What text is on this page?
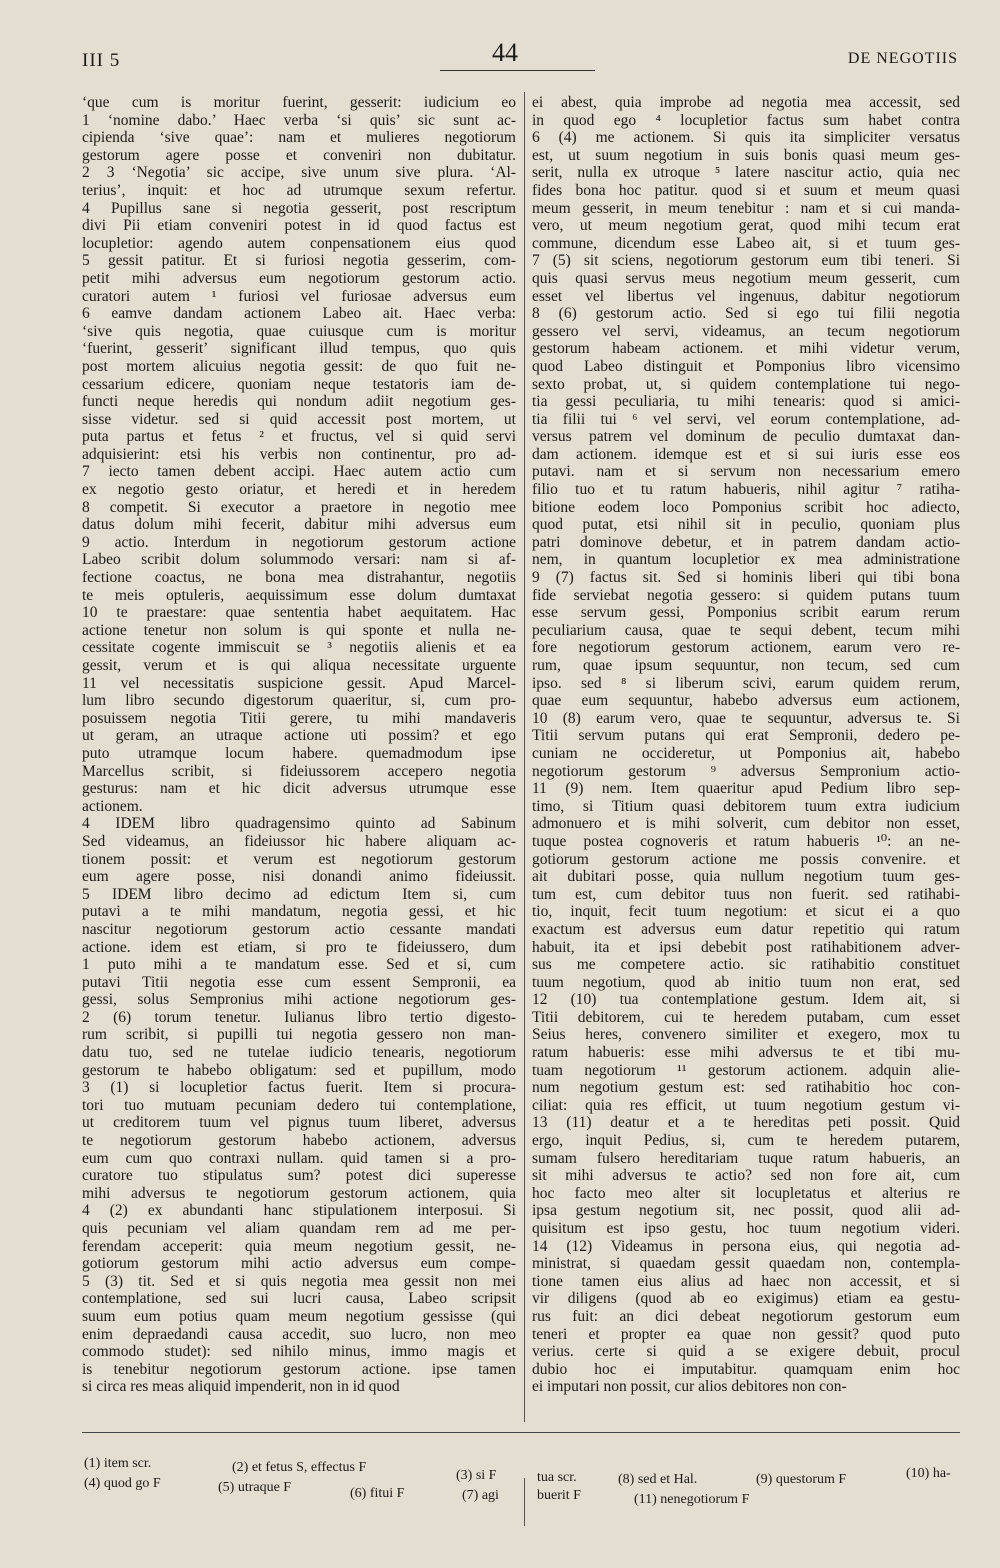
III 5	44	DE NEGOTIIS
‘que cum is moritur fuerint, gesserit: iudicium eo
1 ‘nomine dabo.’ Haec verba ‘si quis’ sic sunt ac-
cipienda ‘sive quae’: nam et mulieres negotiorum
gestorum agere posse et conveniri non dubitatur.
2 3 ‘Negotia’ sic accipe, sive unum sive plura. ‘Al-
terius’, inquit: et hoc ad utrumque sexum refertur.
4 Pupillus sane si negotia gesserit, post rescriptum
divi Pii etiam conveniri potest in id quod factus est
locupletior: agendo autem conpensationem eius quod
5 gessit patitur. Et si furiosi negotia gesserim, com-
petit mihi adversus eum negotiorum gestorum actio.
curatori autem ¹ furiosi vel furiosae adversus eum
6 eamve dandam actionem Labeo ait. Haec verba:
‘sive quis negotia, quae cuiusque cum is moritur
‘fuerint, gesserit’ significant illud tempus, quo quis
post mortem alicuius negotia gessit: de quo fuit ne-
cessarium edicere, quoniam neque testatoris iam de-
functi neque heredis qui nondum adiit negotium ges-
sisse videtur. sed si quid accessit post mortem, ut
puta partus et fetus ² et fructus, vel si quid servi
adquisierint: etsi his verbis non continentur, pro ad-
7 iecto tamen debent accipi. Haec autem actio cum
ex negotio gesto oriatur, et heredi et in heredem
8 competit. Si executor a praetore in negotio mee
datus dolum mihi fecerit, dabitur mihi adversus eum
9 actio. Interdum in negotiorum gestorum actione
Labeo scribit dolum solummodo versari: nam si af-
fectione coactus, ne bona mea distrahantur, negotiis
te meis optuleris, aequissimum esse dolum dumtaxat
10 te praestare: quae sententia habet aequitatem. Hac
actione tenetur non solum is qui sponte et nulla ne-
cessitate cogente immiscuit se ³ negotiis alienis et ea
gessit, verum et is qui aliqua necessitate urguente
11 vel necessitatis suspicione gessit. Apud Marcel-
lum libro secundo digestorum quaeritur, si, cum pro-
posuissem negotia Titii gerere, tu mihi mandaveris
ut geram, an utraque actione uti possim? et ego
puto utramque locum habere. quemadmodum ipse
Marcellus scribit, si fideiussorem accepero negotia
gesturus: nam et hic dicit adversus utrumque esse
actionem.
4 IDEM libro quadragensimo quinto ad Sabinum
Sed videamus, an fideiussor hic habere aliquam ac-
tionem possit: et verum est negotiorum gestorum
eum agere posse, nisi donandi animo fideiussit.
5 IDEM libro decimo ad edictum Item si, cum
putavi a te mihi mandatum, negotia gessi, et hic
nascitur negotiorum gestorum actio cessante mandati
actione. idem est etiam, si pro te fideiussero, dum
1 puto mihi a te mandatum esse. Sed et si, cum
putavi Titii negotia esse cum essent Sempronii, ea
gessi, solus Sempronius mihi actione negotiorum ges-
2 (6) torum tenetur. Iulianus libro tertio digesto-
rum scribit, si pupilli tui negotia gessero non man-
datu tuo, sed ne tutelae iudicio tenearis, negotiorum
gestorum te habebo obligatum: sed et pupillum, modo
3 (1) si locupletior factus fuerit. Item si procura-
tori tuo mutuam pecuniam dedero tui contemplatione,
ut creditorem tuum vel pignus tuum liberet, adversus
te negotiorum gestorum habebo actionem, adversus
eum cum quo contraxi nullam. quid tamen si a pro-
curatore tuo stipulatus sum? potest dici superesse
mihi adversus te negotiorum gestorum actionem, quia
4 (2) ex abundanti hanc stipulationem interposui. Si
quis pecuniam vel aliam quandam rem ad me per-
ferendam acceperit: quia meum negotium gessit, ne-
gotiorum gestorum mihi actio adversus eum compe-
5 (3) tit. Sed et si quis negotia mea gessit non mei
contemplatione, sed sui lucri causa, Labeo scripsit
suum eum potius quam meum negotium gessisse (qui
enim depraedandi causa accedit, suo lucro, non meo
commodo studet): sed nihilo minus, immo magis et
is tenebitur negotiorum gestorum actione. ipse tamen
si circa res meas aliquid impenderit, non in id quod
ei abest, quia improbe ad negotia mea accessit, sed
in quod ego ⁴ locupletior factus sum habet contra
6 (4) me actionem. Si quis ita simpliciter versatus
est, ut suum negotium in suis bonis quasi meum ges-
serit, nulla ex utroque ⁵ latere nascitur actio, quia nec
fides bona hoc patitur. quod si et suum et meum quasi
meum gesserit, in meum tenebitur : nam et si cui manda-
vero, ut meum negotium gerat, quod mihi tecum erat
commune, dicendum esse Labeo ait, si et tuum ges-
7 (5) sit sciens, negotiorum gestorum eum tibi teneri. Si
quis quasi servus meus negotium meum gesserit, cum
esset vel libertus vel ingenuus, dabitur negotiorum
8 (6) gestorum actio. Sed si ego tui filii negotia
gessero vel servi, videamus, an tecum negotiorum
gestorum habeam actionem. et mihi videtur verum,
quod Labeo distinguit et Pomponius libro vicensimo
sexto probat, ut, si quidem contemplatione tui nego-
tia gessi peculiaria, tu mihi tenearis: quod si amici-
tia filii tui ⁶ vel servi, vel eorum contemplatione, ad-
versus patrem vel dominum de peculio dumtaxat dan-
dam actionem. idemque est et si sui iuris esse eos
putavi. nam et si servum non necessarium emero
filio tuo et tu ratum habueris, nihil agitur ⁷ ratiha-
bitione eodem loco Pomponius scribit hoc adiecto,
quod putat, etsi nihil sit in peculio, quoniam plus
patri dominove debetur, et in patrem dandam actio-
nem, in quantum locupletior ex mea administratione
9 (7) factus sit. Sed si hominis liberi qui tibi bona
fide serviebat negotia gessero: si quidem putans tuum
esse servum gessi, Pomponius scribit earum rerum
peculiarium causa, quae te sequi debent, tecum mihi
fore negotiorum gestorum actionem, earum vero re-
rum, quae ipsum sequuntur, non tecum, sed cum
ipso. sed ⁸ si liberum scivi, earum quidem rerum,
quae eum sequuntur, habebo adversus eum actionem,
10 (8) earum vero, quae te sequuntur, adversus te. Si
Titii servum putans qui erat Sempronii, dedero pe-
cuniam ne occideretur, ut Pomponius ait, habebo
negotiorum gestorum ⁹ adversus Sempronium actio-
11 (9) nem. Item quaeritur apud Pedium libro sep-
timo, si Titium quasi debitorem tuum extra iudicium
admonuero et is mihi solverit, cum debitor non esset,
tuque postea cognoveris et ratum habueris ¹⁰: an ne-
gotiorum gestorum actione me possis convenire. et
ait dubitari posse, quia nullum negotium tuum ges-
tum est, cum debitor tuus non fuerit. sed ratihabi-
tio, inquit, fecit tuum negotium: et sicut ei a quo
exactum est adversus eum datur repetitio qui ratum
habuit, ita et ipsi debebit post ratihabitionem adver-
sus me competere actio. sic ratihabitio constituet
tuum negotium, quod ab initio tuum non erat, sed
12 (10) tua contemplatione gestum. Idem ait, si
Titii debitorem, cui te heredem putabam, cum esset
Seius heres, convenero similiter et exegero, mox tu
ratum habueris: esse mihi adversus te et tibi mu-
tuam negotiorum ¹¹ gestorum actionem. adquin alie-
num negotium gestum est: sed ratihabitio hoc con-
ciliat: quia res efficit, ut tuum negotium gestum vi-
13 (11) deatur et a te hereditas peti possit. Quid
ergo, inquit Pedius, si, cum te heredem putarem,
sumam fulsero hereditariam tuque ratum habueris, an
sit mihi adversus te actio? sed non fore ait, cum
hoc facto meo alter sit locupletatus et alterius re
ipsa gestum negotium sit, nec possit, quod alii ad-
quisitum est ipso gestu, hoc tuum negotium videri.
14 (12) Videamus in persona eius, qui negotia ad-
ministrat, si quaedam gessit quaedam non, contempla-
tione tamen eius alius ad haec non accessit, et si
vir diligens (quod ab eo exigimus) etiam ea gestu-
rus fuit: an dici debeat negotiorum gestorum eum
teneri et propter ea quae non gessit? quod puto
verius. certe si quid a se exigere debuit, procul
dubio hoc ei imputabitur. quamquam enim hoc
ei imputari non possit, cur alios debitores non con-
(1) item scr.	(2) et fetus S, effectus F
(3) si F	tua scr.	(8) sed et Hal.	(9) questorum F	(10) ha-
(4) quod go F	(5) utraque F	(6) fitui F	(7) agi	buerit F	(11) nenegotiorum F
